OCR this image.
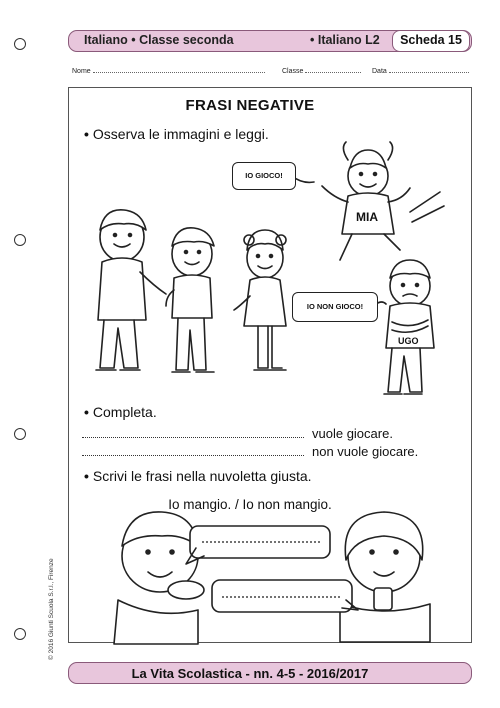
Italiano • Classe seconda	• Italiano L2	Scheda 15
Nome	Classe	Data
FRASI NEGATIVE
• Osserva le immagini e leggi.
IO GIOCO!
IO NON GIOCO!
MIA
UGO
• Completa.
vuole giocare.
non vuole giocare.
• Scrivi le frasi nella nuvoletta giusta.
Io mangio. / Io non mangio.
© 2016 Giunti Scuola S.r.l., Firenze
La Vita Scolastica - nn. 4-5 - 2016/2017
